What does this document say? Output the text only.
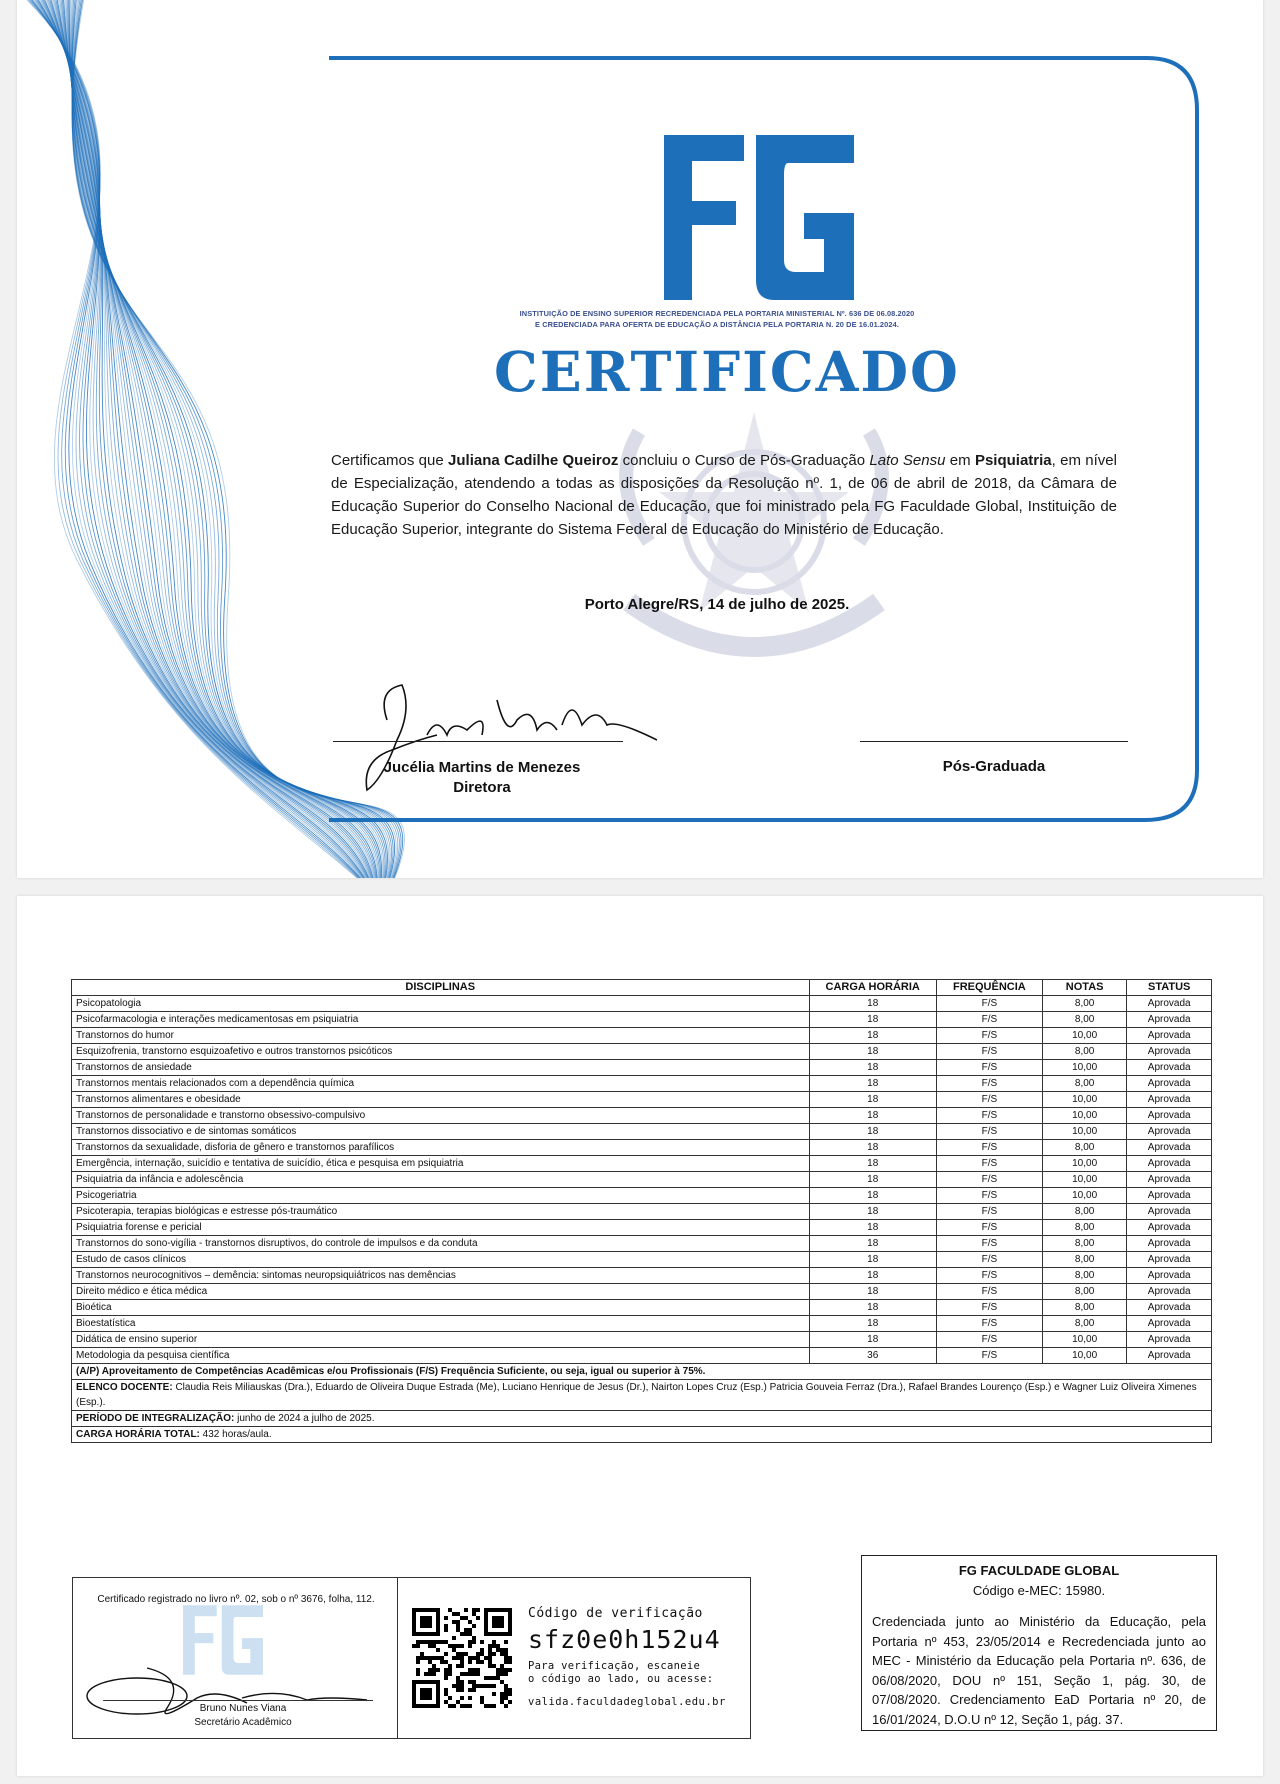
INSTITUIÇÃO DE ENSINO SUPERIOR RECREDENCIADA PELA PORTARIA MINISTERIAL Nº. 636 DE 06.08.2020
E CREDENCIADA PARA OFERTA DE EDUCAÇÃO A DISTÂNCIA PELA PORTARIA N. 20 DE 16.01.2024.
CERTIFICADO
Certificamos que Juliana Cadilhe Queiroz concluiu o Curso de Pós-Graduação Lato Sensu em Psiquiatria, em nível de Especialização, atendendo a todas as disposições da Resolução nº. 1, de 06 de abril de 2018, da Câmara de Educação Superior do Conselho Nacional de Educação, que foi ministrado pela FG Faculdade Global, Instituição de Educação Superior, integrante do Sistema Federal de Educação do Ministério de Educação.
Porto Alegre/RS, 14 de julho de 2025.
Jucélia Martins de Menezes
Diretora
Pós-Graduada
DISCIPLINAS	CARGA HORÁRIA	FREQUÊNCIA	NOTAS	STATUS
Psicopatologia	18	F/S	8,00	Aprovada
Psicofarmacologia e interações medicamentosas em psiquiatria	18	F/S	8,00	Aprovada
Transtornos do humor	18	F/S	10,00	Aprovada
Esquizofrenia, transtorno esquizoafetivo e outros transtornos psicóticos	18	F/S	8,00	Aprovada
Transtornos de ansiedade	18	F/S	10,00	Aprovada
Transtornos mentais relacionados com a dependência química	18	F/S	8,00	Aprovada
Transtornos alimentares e obesidade	18	F/S	10,00	Aprovada
Transtornos de personalidade e transtorno obsessivo-compulsivo	18	F/S	10,00	Aprovada
Transtornos dissociativo e de sintomas somáticos	18	F/S	10,00	Aprovada
Transtornos da sexualidade, disforia de gênero e transtornos parafílicos	18	F/S	8,00	Aprovada
Emergência, internação, suicídio e tentativa de suicídio, ética e pesquisa em psiquiatria	18	F/S	10,00	Aprovada
Psiquiatria da infância e adolescência	18	F/S	10,00	Aprovada
Psicogeriatria	18	F/S	10,00	Aprovada
Psicoterapia, terapias biológicas e estresse pós-traumático	18	F/S	8,00	Aprovada
Psiquiatria forense e pericial	18	F/S	8,00	Aprovada
Transtornos do sono-vigília - transtornos disruptivos, do controle de impulsos e da conduta	18	F/S	8,00	Aprovada
Estudo de casos clínicos	18	F/S	8,00	Aprovada
Transtornos neurocognitivos – demência: sintomas neuropsiquiátricos nas demências	18	F/S	8,00	Aprovada
Direito médico e ética médica	18	F/S	8,00	Aprovada
Bioética	18	F/S	8,00	Aprovada
Bioestatística	18	F/S	8,00	Aprovada
Didática de ensino superior	18	F/S	10,00	Aprovada
Metodologia da pesquisa científica	36	F/S	10,00	Aprovada
(A/P) Aproveitamento de Competências Acadêmicas e/ou Profissionais (F/S) Frequência Suficiente, ou seja, igual ou superior à 75%.				
ELENCO DOCENTE: Claudia Reis Miliauskas (Dra.), Eduardo de Oliveira Duque Estrada (Me), Luciano Henrique de Jesus (Dr.), Nairton Lopes Cruz (Esp.) Patricia Gouveia Ferraz (Dra.), Rafael Brandes Lourenço (Esp.) e Wagner Luiz Oliveira Ximenes (Esp.).				
PERÍODO DE INTEGRALIZAÇÃO: junho de 2024 a julho de 2025.				
CARGA HORÁRIA TOTAL: 432 horas/aula.				
Certificado registrado no livro nº. 02, sob o nº 3676, folha, 112.
Bruno Nunes Viana
Secretário Acadêmico
Código de verificação
sfz0e0h152u4
Para verificação, escaneie
o código ao lado, ou acesse:
valida.faculdadeglobal.edu.br
FG FACULDADE GLOBAL
Código e-MEC: 15980.
Credenciada junto ao Ministério da Educação, pela Portaria nº 453, 23/05/2014 e Recredenciada junto ao MEC - Ministério da Educação pela Portaria nº. 636, de 06/08/2020, DOU nº 151, Seção 1, pág. 30, de 07/08/2020. Credenciamento EaD Portaria nº 20, de 16/01/2024, D.O.U nº 12, Seção 1, pág. 37.
